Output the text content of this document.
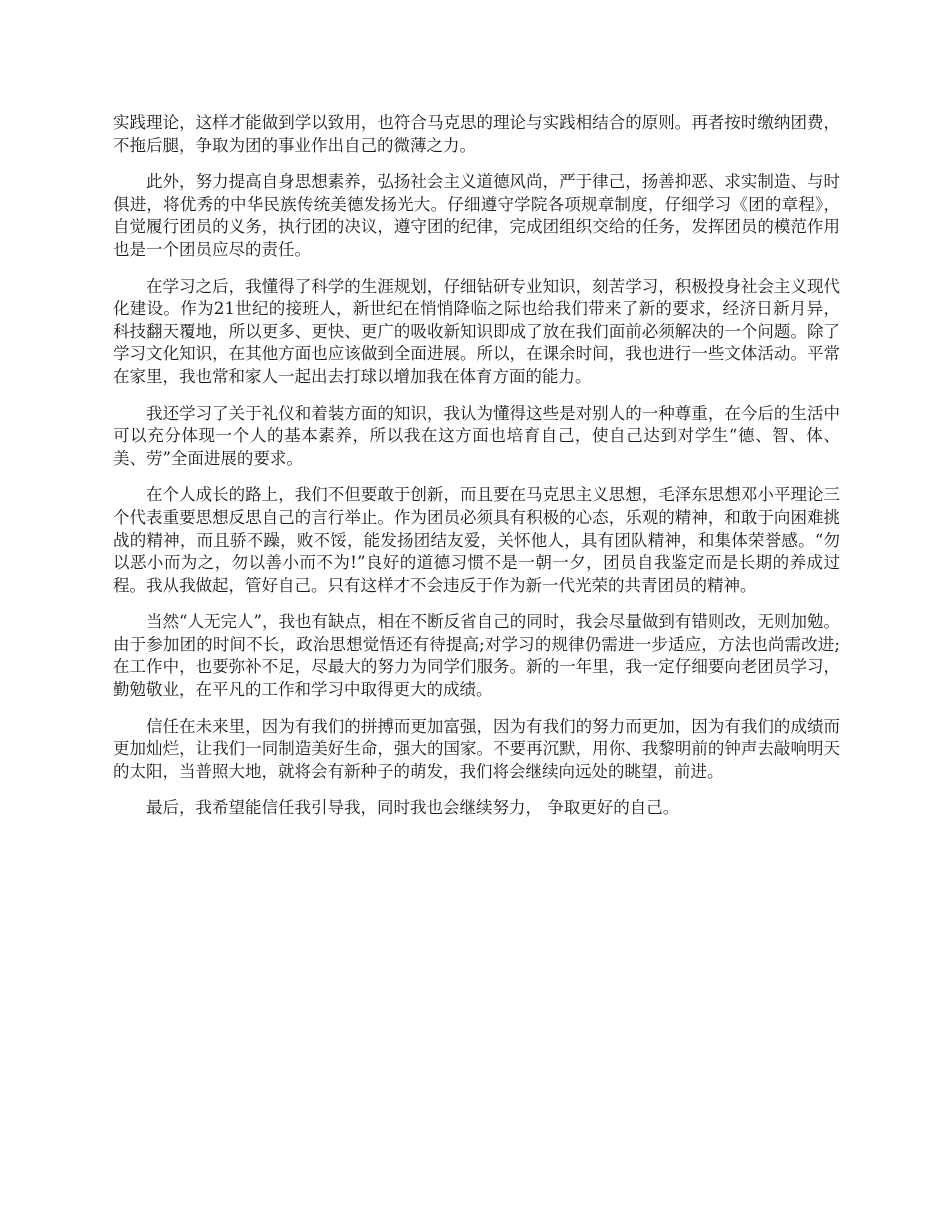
实践理论，这样才能做到学以致用，也符合马克思的理论与实践相结合的原则。再者按时缴纳团费，不拖后腿，争取为团的事业作出自己的微薄之力。

此外，努力提高自身思想素养，弘扬社会主义道德风尚，严于律己，扬善抑恶、求实制造、与时俱进，将优秀的中华民族传统美德发扬光大。仔细遵守学院各项规章制度，仔细学习《团的章程》，自觉履行团员的义务，执行团的决议，遵守团的纪律，完成团组织交给的任务，发挥团员的模范作用也是一个团员应尽的责任。

在学习之后，我懂得了科学的生涯规划，仔细钻研专业知识，刻苦学习，积极投身社会主义现代化建设。作为21世纪的接班人，新世纪在悄悄降临之际也给我们带来了新的要求，经济日新月异，科技翻天覆地，所以更多、更快、更广的吸收新知识即成了放在我们面前必须解决的一个问题。除了学习文化知识，在其他方面也应该做到全面进展。所以，在课余时间，我也进行一些文体活动。平常在家里，我也常和家人一起出去打球以增加我在体育方面的能力。

我还学习了关于礼仪和着装方面的知识，我认为懂得这些是对别人的一种尊重，在今后的生活中可以充分体现一个人的基本素养，所以我在这方面也培育自己，使自己达到对学生“德、智、体、美、劳”全面进展的要求。

在个人成长的路上，我们不但要敢于创新，而且要在马克思主义思想，毛泽东思想邓小平理论三个代表重要思想反思自己的言行举止。作为团员必须具有积极的心态，乐观的精神，和敢于向困难挑战的精神，而且骄不躁，败不馁，能发扬团结友爱，关怀他人，具有团队精神，和集体荣誉感。“勿以恶小而为之，勿以善小而不为!”良好的道德习惯不是一朝一夕，团员自我鉴定而是长期的养成过程。我从我做起，管好自己。只有这样才不会违反于作为新一代光荣的共青团员的精神。

当然“人无完人”，我也有缺点，相在不断反省自己的同时，我会尽量做到有错则改，无则加勉。由于参加团的时间不长，政治思想觉悟还有待提高;对学习的规律仍需进一步适应，方法也尚需改进;在工作中，也要弥补不足，尽最大的努力为同学们服务。新的一年里，我一定仔细要向老团员学习，勤勉敬业，在平凡的工作和学习中取得更大的成绩。

信任在未来里，因为有我们的拼搏而更加富强，因为有我们的努力而更加，因为有我们的成绩而更加灿烂，让我们一同制造美好生命，强大的国家。不要再沉默，用你、我黎明前的钟声去敲响明天的太阳，当普照大地，就将会有新种子的萌发，我们将会继续向远处的眺望，前进。

最后，我希望能信任我引导我，同时我也会继续努力， 争取更好的自己。
